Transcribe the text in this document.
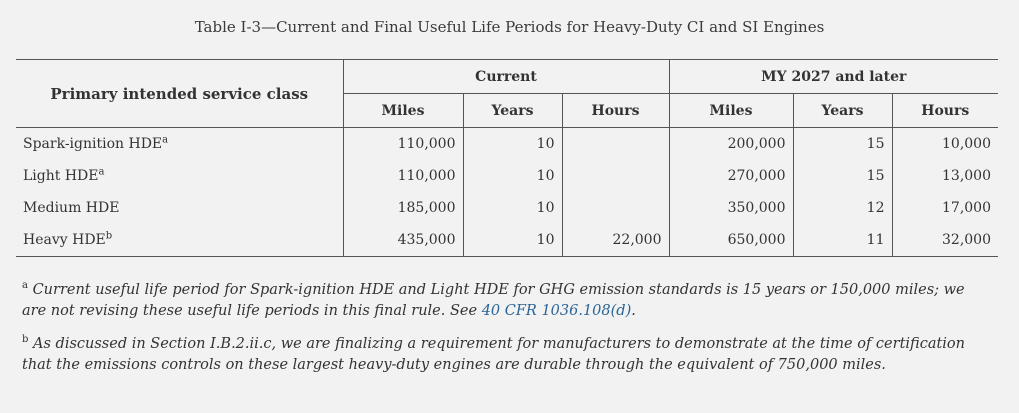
Table I-3—Current and Final Useful Life Periods for Heavy-Duty CI and SI Engines
Primary intended service class	Current			MY 2027 and later		
	Miles	Years	Hours	Miles	Years	Hours
Spark-ignition HDE$^a$	110,000	10		200,000	15	10,000
Light HDE$^a$	110,000	10		270,000	15	13,000
Medium HDE	185,000	10		350,000	12	17,000
Heavy HDE$^b$	435,000	10	22,000	650,000	11	32,000

$^a$ Current useful life period for Spark-ignition HDE and Light HDE for GHG emission standards is 15 years or 150,000 miles; we are not revising these useful life periods in this final rule. See 40 CFR 1036.108(d).

$^b$ As discussed in Section I.B.2.ii.c, we are finalizing a requirement for manufacturers to demonstrate at the time of certification that the emissions controls on these largest heavy-duty engines are durable through the equivalent of 750,000 miles.
